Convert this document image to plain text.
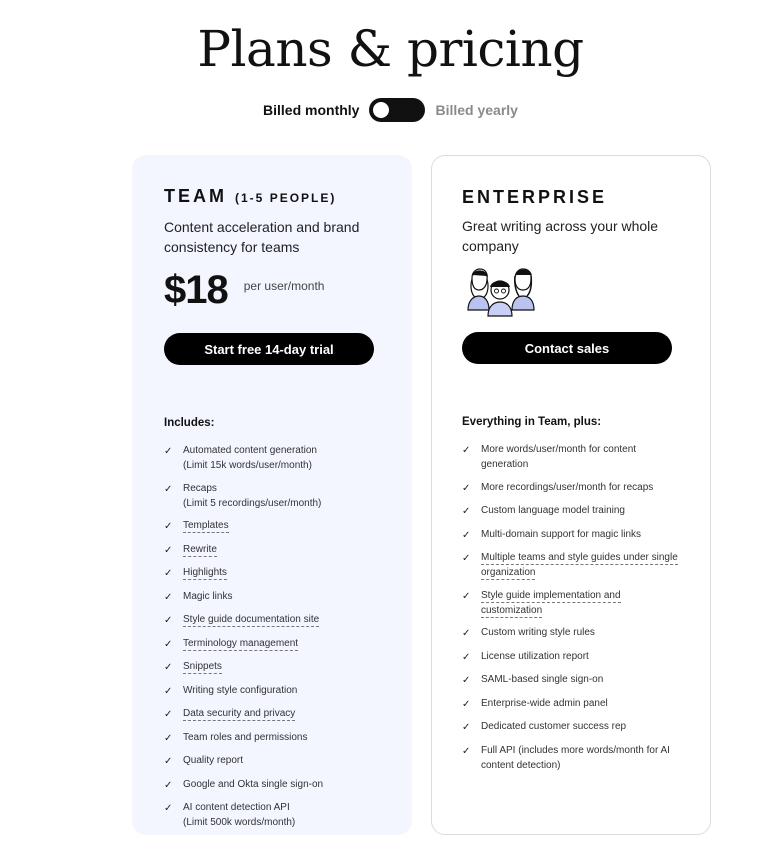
Plans & pricing
Billed monthly	Billed yearly
TEAM (1-5 PEOPLE)

Content acceleration and brand consistency for teams

$18 per user/month
Start free 14-day trial

Includes:

✓ Automated content generation
(Limit 15k words/user/month)
✓ Recaps
(Limit 5 recordings/user/month)
✓ Templates
✓ Rewrite
✓ Highlights
✓ Magic links
✓ Style guide documentation site
✓ Terminology management
✓ Snippets
✓ Writing style configuration
✓ Data security and privacy
✓ Team roles and permissions
✓ Quality report
✓ Google and Okta single sign-on
✓ AI content detection API
(Limit 500k words/month)
ENTERPRISE

Great writing across your whole company

Contact sales

Everything in Team, plus:

✓ More words/user/month for content generation
✓ More recordings/user/month for recaps
✓ Custom language model training
✓ Multi-domain support for magic links
✓ Multiple teams and style guides under single organization
✓ Style guide implementation and customization
✓ Custom writing style rules
✓ License utilization report
✓ SAML-based single sign-on
✓ Enterprise-wide admin panel
✓ Dedicated customer success rep
✓ Full API (includes more words/month for AI content detection)
